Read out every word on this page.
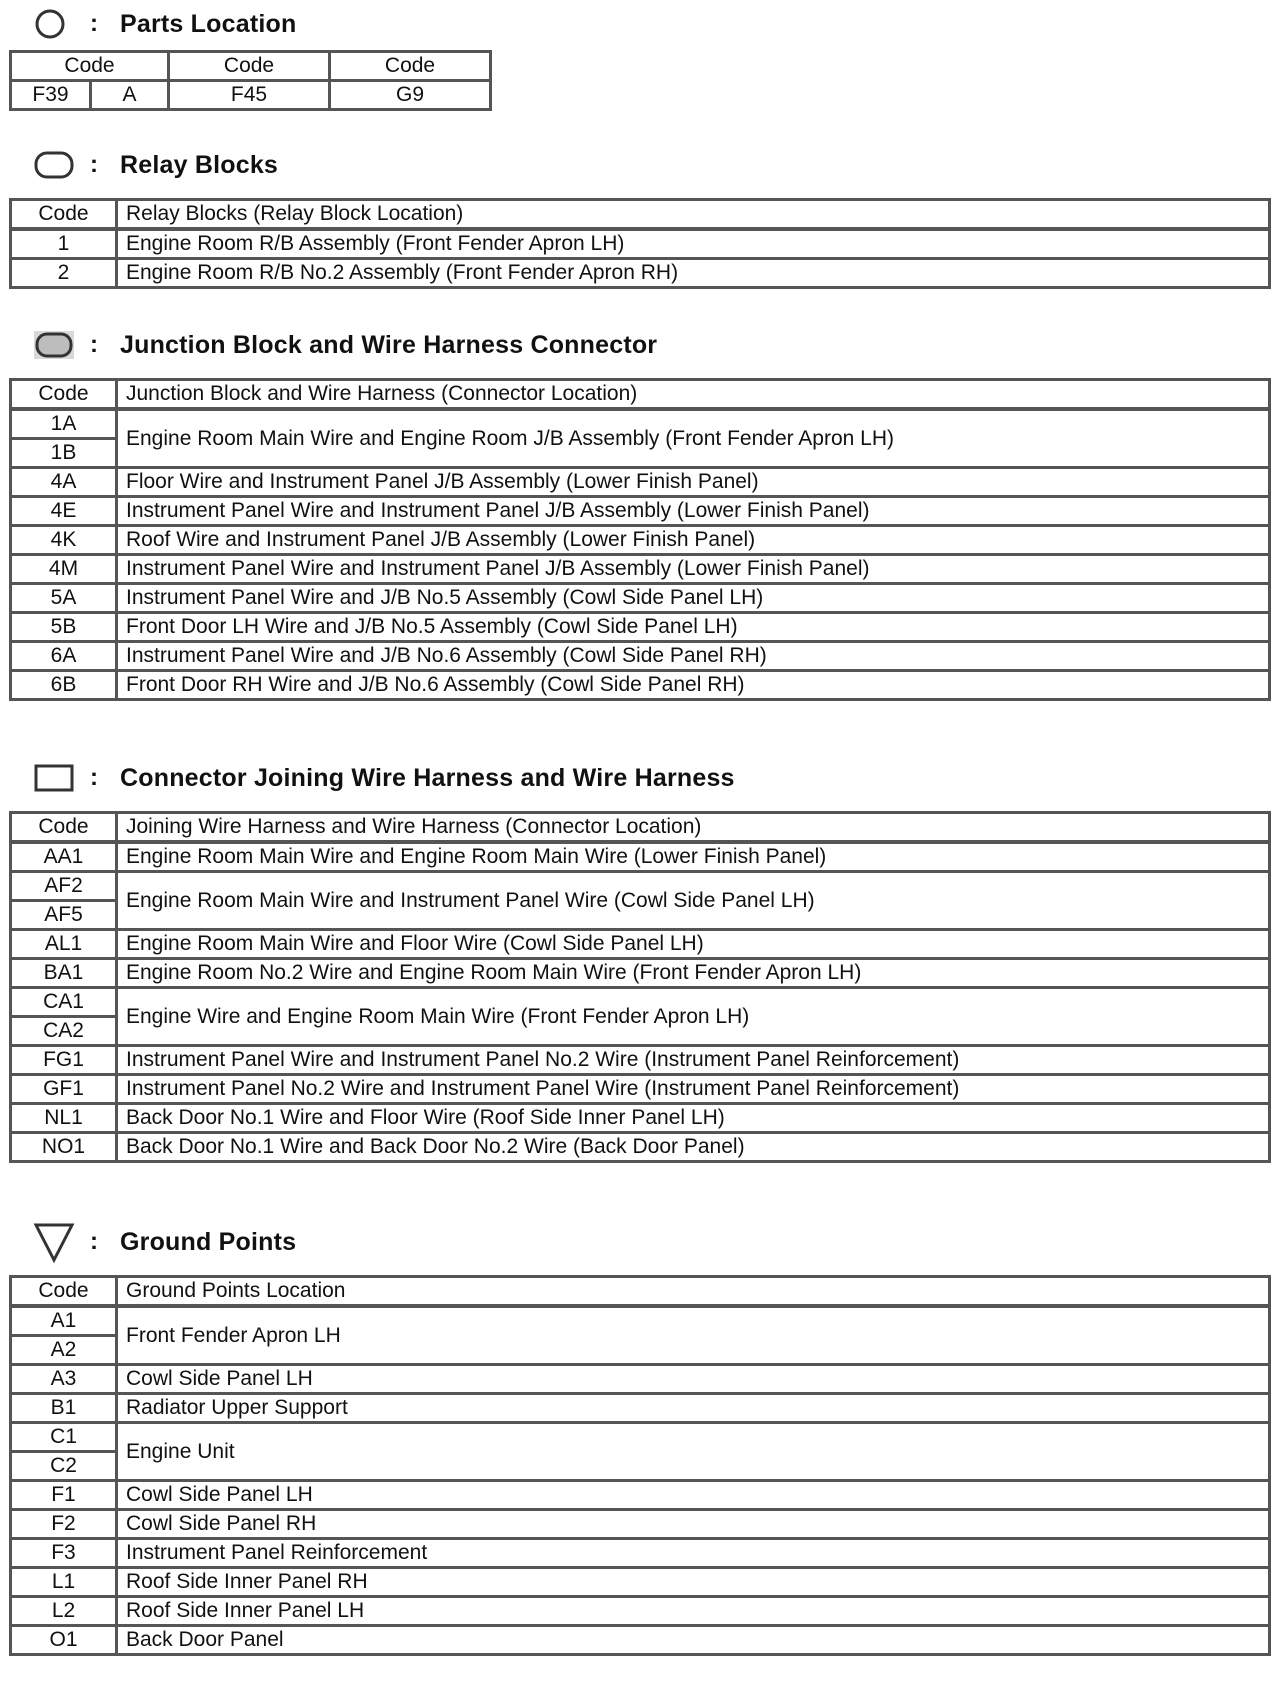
: Parts Location
Code		Code	Code
F39	A	F45	G9
: Relay Blocks
Code	Relay Blocks (Relay Block Location)
1	Engine Room R/B Assembly (Front Fender Apron LH)
2	Engine Room R/B No.2 Assembly (Front Fender Apron RH)
: Junction Block and Wire Harness Connector
Code	Junction Block and Wire Harness (Connector Location)
1A	Engine Room Main Wire and Engine Room J/B Assembly (Front Fender Apron LH)
1B	
4A	Floor Wire and Instrument Panel J/B Assembly (Lower Finish Panel)
4E	Instrument Panel Wire and Instrument Panel J/B Assembly (Lower Finish Panel)
4K	Roof Wire and Instrument Panel J/B Assembly (Lower Finish Panel)
4M	Instrument Panel Wire and Instrument Panel J/B Assembly (Lower Finish Panel)
5A	Instrument Panel Wire and J/B No.5 Assembly (Cowl Side Panel LH)
5B	Front Door LH Wire and J/B No.5 Assembly (Cowl Side Panel LH)
6A	Instrument Panel Wire and J/B No.6 Assembly (Cowl Side Panel RH)
6B	Front Door RH Wire and J/B No.6 Assembly (Cowl Side Panel RH)
: Connector Joining Wire Harness and Wire Harness
Code	Joining Wire Harness and Wire Harness (Connector Location)
AA1	Engine Room Main Wire and Engine Room Main Wire (Lower Finish Panel)
AF2	Engine Room Main Wire and Instrument Panel Wire (Cowl Side Panel LH)
AF5	
AL1	Engine Room Main Wire and Floor Wire (Cowl Side Panel LH)
BA1	Engine Room No.2 Wire and Engine Room Main Wire (Front Fender Apron LH)
CA1	Engine Wire and Engine Room Main Wire (Front Fender Apron LH)
CA2	
FG1	Instrument Panel Wire and Instrument Panel No.2 Wire (Instrument Panel Reinforcement)
GF1	Instrument Panel No.2 Wire and Instrument Panel Wire (Instrument Panel Reinforcement)
NL1	Back Door No.1 Wire and Floor Wire (Roof Side Inner Panel LH)
NO1	Back Door No.1 Wire and Back Door No.2 Wire (Back Door Panel)
: Ground Points
Code	Ground Points Location
A1	Front Fender Apron LH
A2	
A3	Cowl Side Panel LH
B1	Radiator Upper Support
C1	Engine Unit
C2	
F1	Cowl Side Panel LH
F2	Cowl Side Panel RH
F3	Instrument Panel Reinforcement
L1	Roof Side Inner Panel RH
L2	Roof Side Inner Panel LH
O1	Back Door Panel
